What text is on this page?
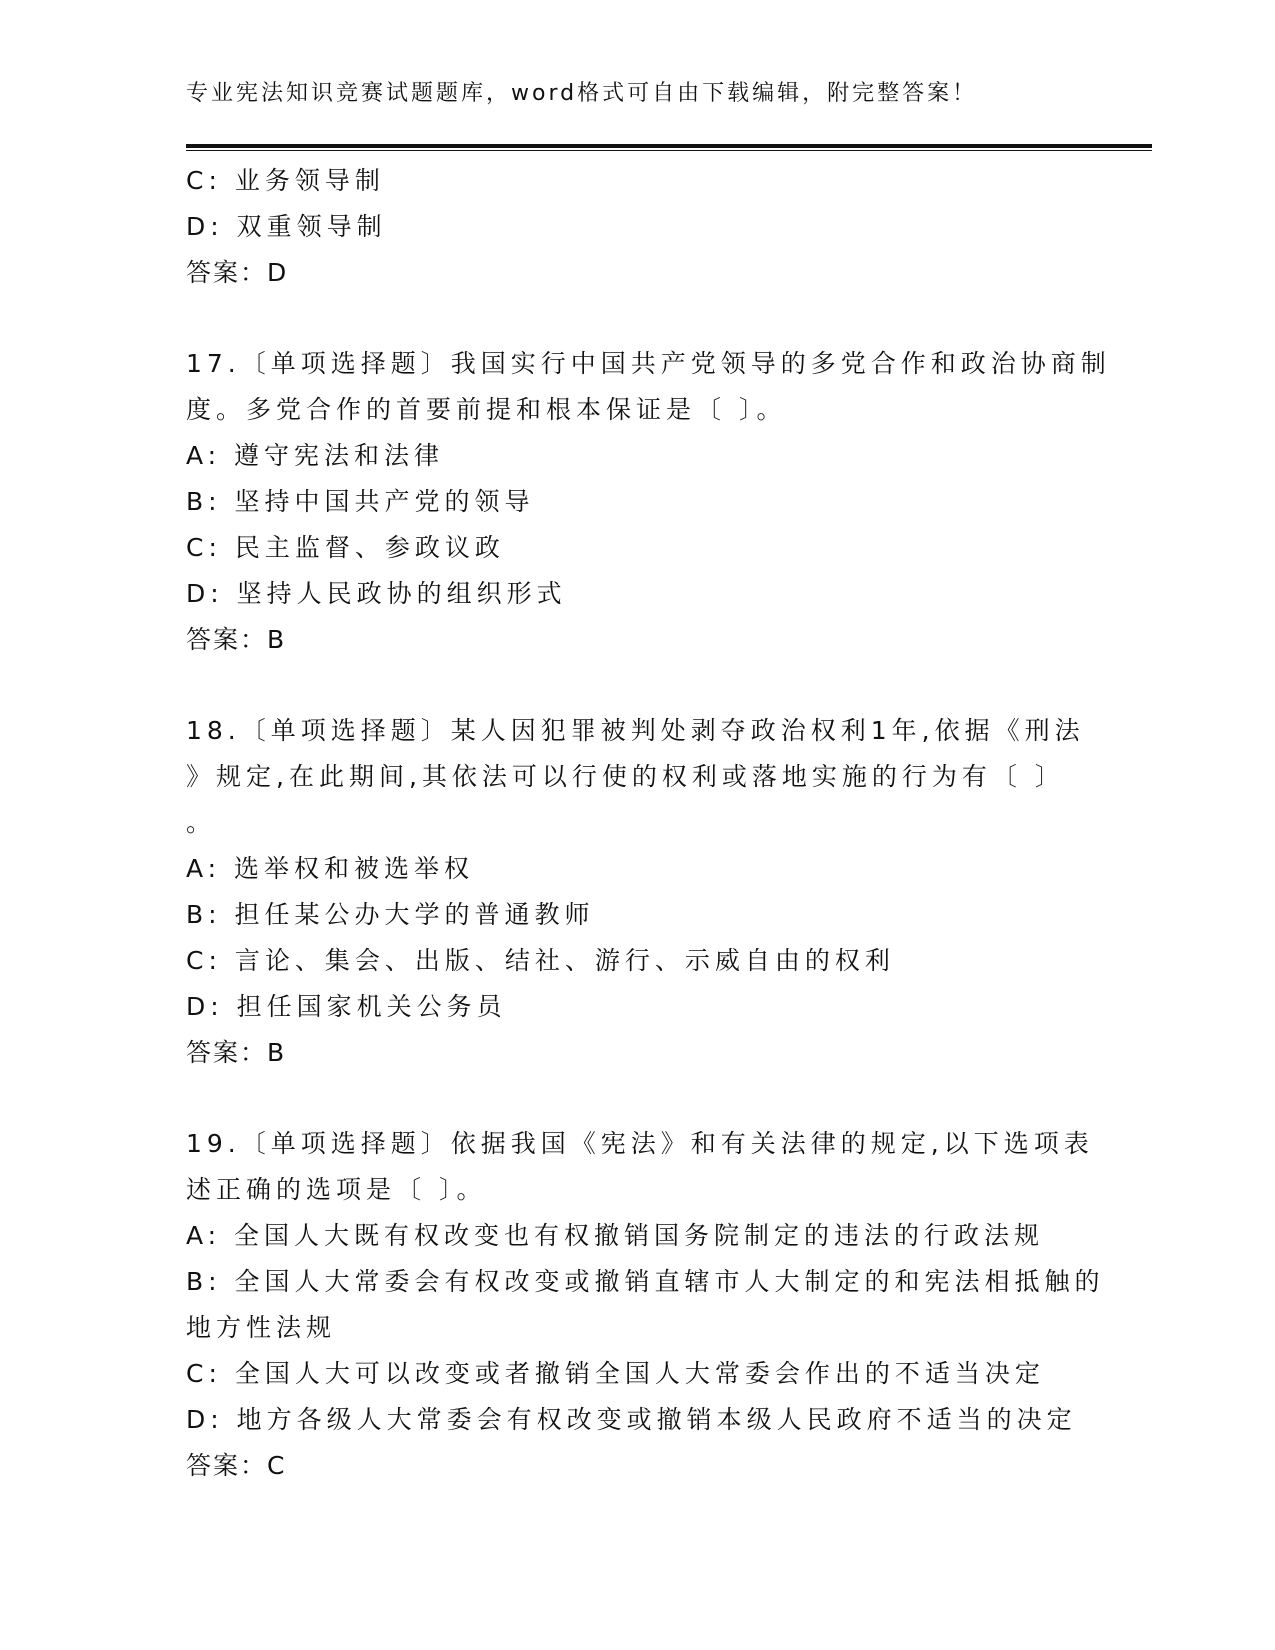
专业宪法知识竞赛试题题库，word格式可自由下载编辑，附完整答案！
C: 业务领导制
D: 双重领导制
答案：D
17.〔单项选择题〕我国实行中国共产党领导的多党合作和政治协商制
度。多党合作的首要前提和根本保证是〔 〕。
A: 遵守宪法和法律
B: 坚持中国共产党的领导
C: 民主监督、参政议政
D: 坚持人民政协的组织形式
答案：B
18.〔单项选择题〕某人因犯罪被判处剥夺政治权利1年,依据《刑法
》规定,在此期间,其依法可以行使的权利或落地实施的行为有〔 〕
。
A: 选举权和被选举权
B: 担任某公办大学的普通教师
C: 言论、集会、出版、结社、游行、示威自由的权利
D: 担任国家机关公务员
答案：B
19.〔单项选择题〕依据我国《宪法》和有关法律的规定,以下选项表
述正确的选项是〔 〕。
A: 全国人大既有权改变也有权撤销国务院制定的违法的行政法规
B: 全国人大常委会有权改变或撤销直辖市人大制定的和宪法相抵触的
地方性法规
C: 全国人大可以改变或者撤销全国人大常委会作出的不适当决定
D: 地方各级人大常委会有权改变或撤销本级人民政府不适当的决定
答案：C
